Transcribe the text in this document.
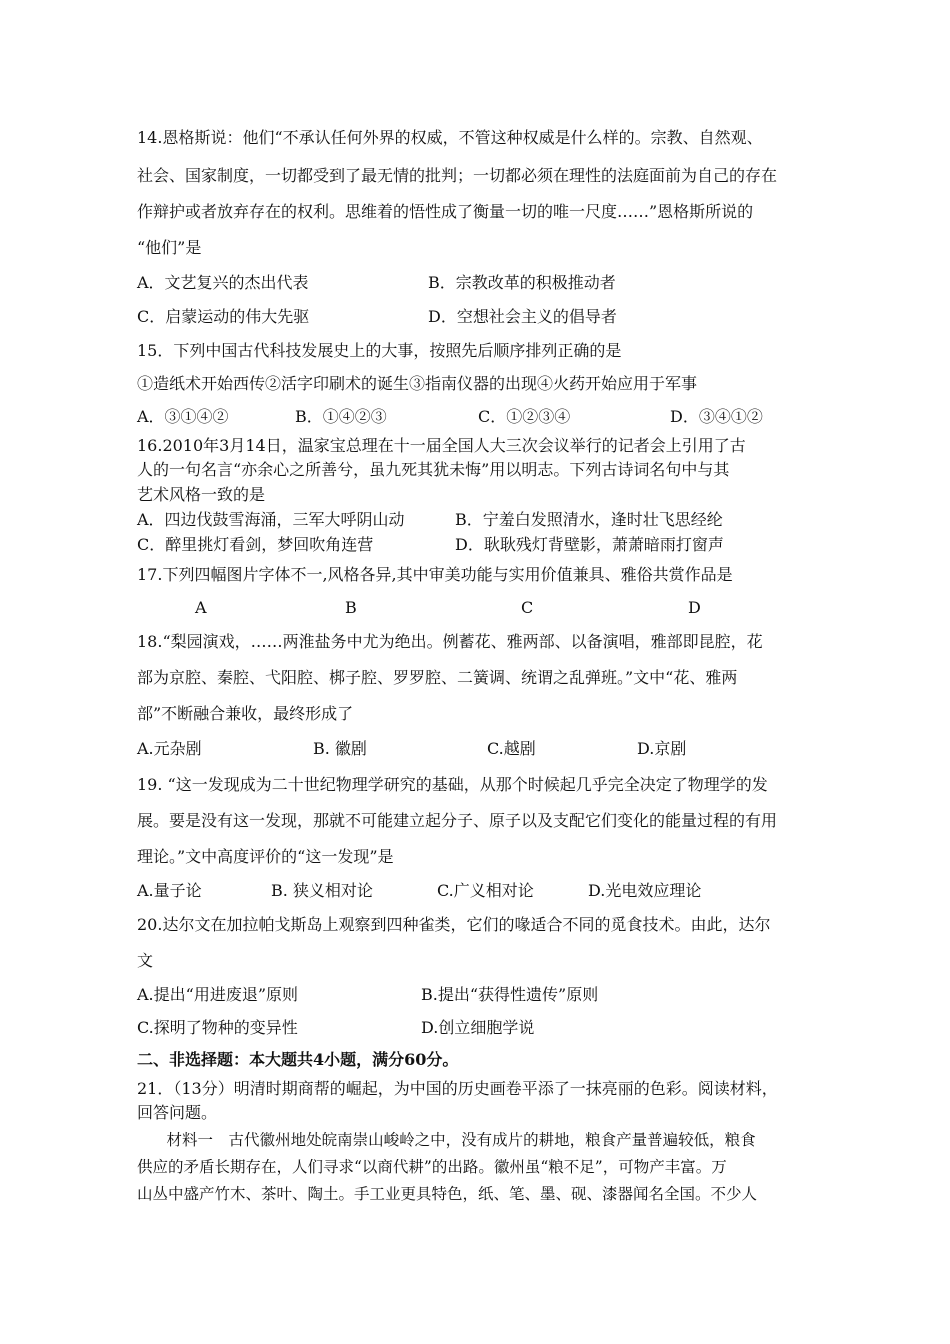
14.恩格斯说：他们“不承认任何外界的权威，不管这种权威是什么样的。宗教、自然观、
社会、国家制度，一切都受到了最无情的批判；一切都必须在理性的法庭面前为自己的存在
作辩护或者放弃存在的权利。思维着的悟性成了衡量一切的唯一尺度……”恩格斯所说的
“他们”是
A．文艺复兴的杰出代表	B．宗教改革的积极推动者
C．启蒙运动的伟大先驱	D．空想社会主义的倡导者
15．下列中国古代科技发展史上的大事，按照先后顺序排列正确的是
①造纸术开始西传②活字印刷术的诞生③指南仪器的出现④火药开始应用于军事
A．③①④②	B．①④②③	C．①②③④	D．③④①②
16.2010年3月14日，温家宝总理在十一届全国人大三次会议举行的记者会上引用了古
人的一句名言“亦余心之所善兮，虽九死其犹未悔”用以明志。下列古诗词名句中与其
艺术风格一致的是
A．四边伐鼓雪海涌，三军大呼阴山动	B．宁羞白发照清水，逢时壮飞思经纶
C．醉里挑灯看剑，梦回吹角连营	D．耿耿残灯背壁影，萧萧暗雨打窗声
17.下列四幅图片字体不一,风格各异,其中审美功能与实用价值兼具、雅俗共赏作品是
A	B	C	D
18.“梨园演戏，……两淮盐务中尤为绝出。例蓄花、雅两部、以备演唱，雅部即昆腔，花
部为京腔、秦腔、弋阳腔、梆子腔、罗罗腔、二簧调、统谓之乱弹班。”文中“花、雅两
部”不断融合兼收，最终形成了
A.元杂剧	B. 徽剧	C.越剧	D.京剧
19. “这一发现成为二十世纪物理学研究的基础，从那个时候起几乎完全决定了物理学的发
展。要是没有这一发现，那就不可能建立起分子、原子以及支配它们变化的能量过程的有用
理论。”文中高度评价的“这一发现”是
A.量子论	B. 狭义相对论	C.广义相对论	D.光电效应理论
20.达尔文在加拉帕戈斯岛上观察到四种雀类，它们的喙适合不同的觅食技术。由此，达尔
文
A.提出“用进废退”原则	B.提出“获得性遗传”原则
C.探明了物种的变异性	D.创立细胞学说
二、非选择题：本大题共4小题，满分60分。
21．（13分）明清时期商帮的崛起，为中国的历史画卷平添了一抹亮丽的色彩。阅读材料，
回答问题。
材料一　古代徽州地处皖南崇山峻岭之中，没有成片的耕地，粮食产量普遍较低，粮食
供应的矛盾长期存在，人们寻求“以商代耕”的出路。徽州虽“粮不足”，可物产丰富。万
山丛中盛产竹木、茶叶、陶土。手工业更具特色，纸、笔、墨、砚、漆器闻名全国。不少人
